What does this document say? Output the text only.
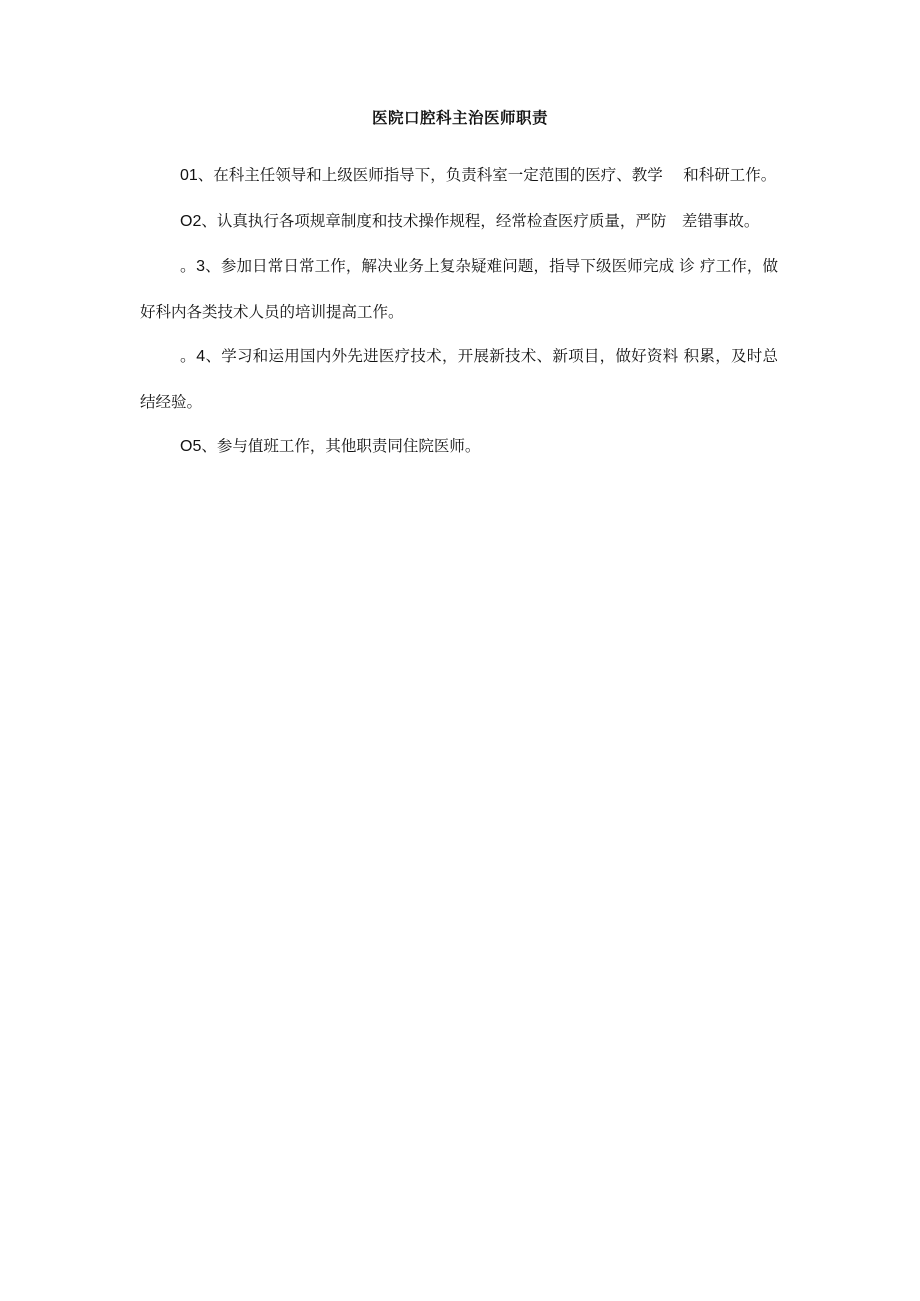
医院口腔科主治医师职责

01、在科主任领导和上级医师指导下，负责科室一定范围的医疗、教学　 和科研工作。

O2、认真执行各项规章制度和技术操作规程，经常检查医疗质量，严防　差错事故。

。3、参加日常日常工作，解决业务上复杂疑难问题，指导下级医师完成 诊 疗工作，做好科内各类技术人员的培训提高工作。

。4、学习和运用国内外先进医疗技术，开展新技术、新项目，做好资料 积累，及时总结经验。

O5、参与值班工作，其他职责同住院医师。
